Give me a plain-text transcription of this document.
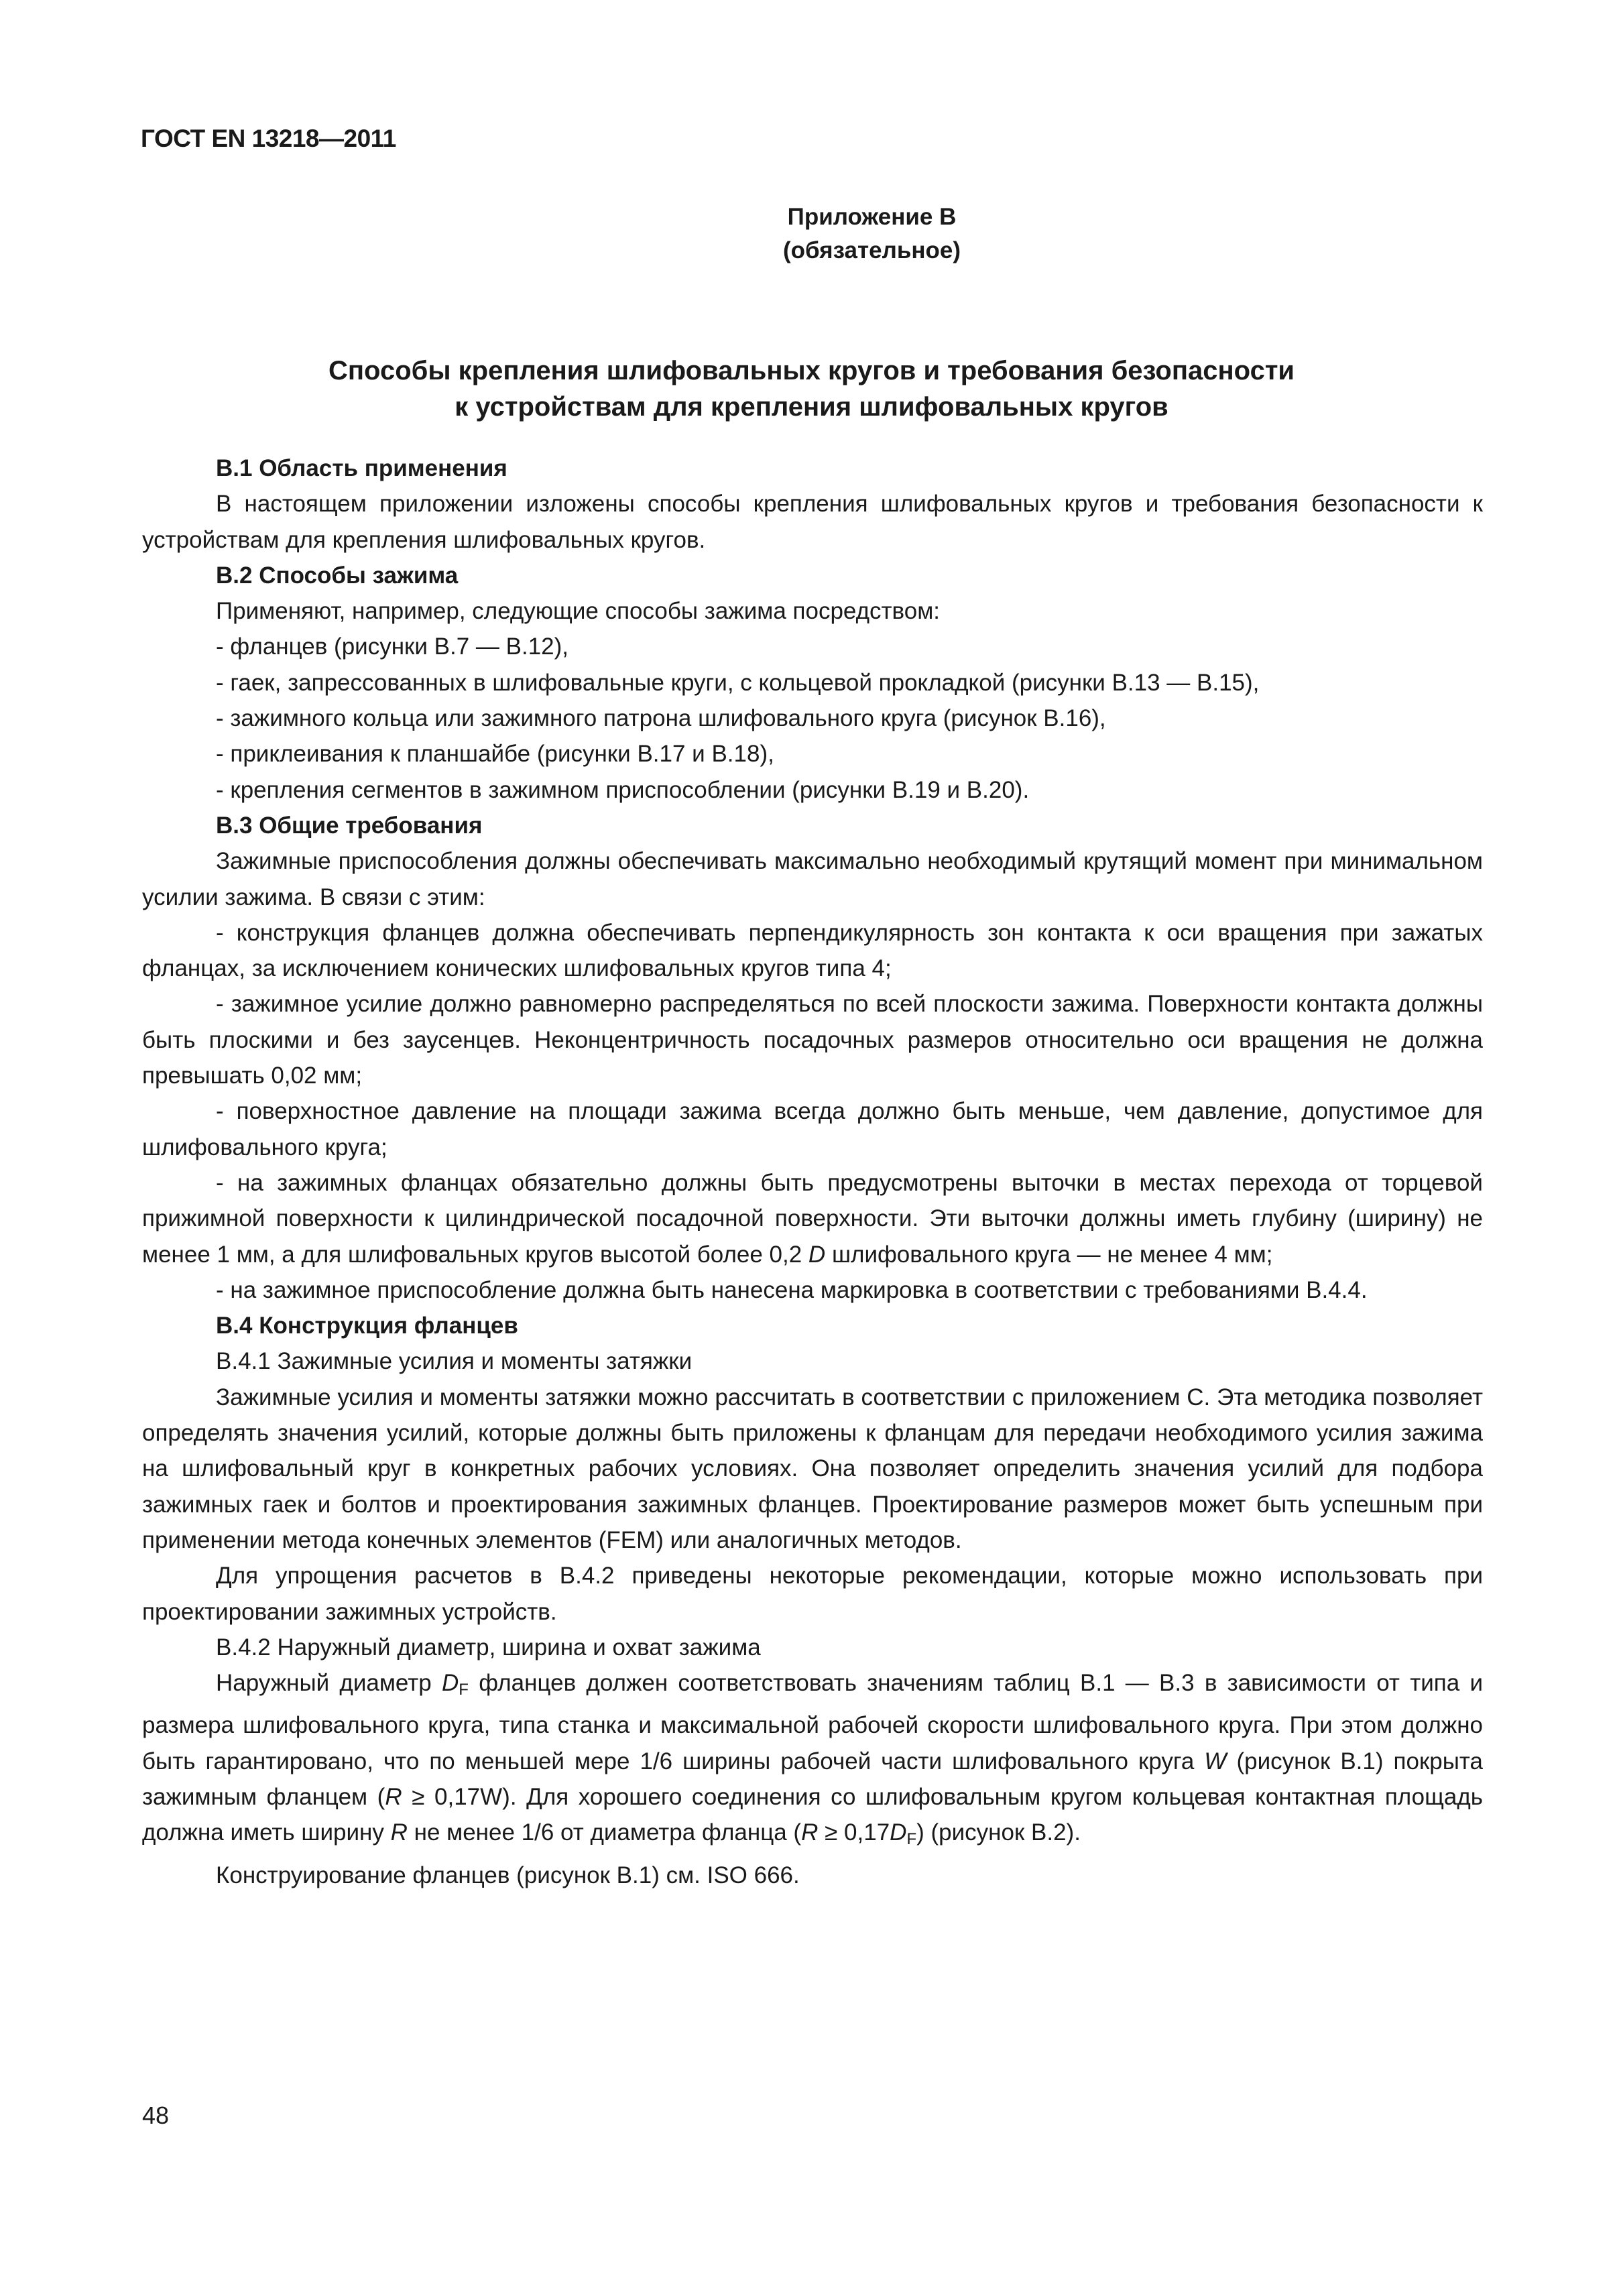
ГОСТ EN 13218—2011
Приложение В
(обязательное)
Способы крепления шлифовальных кругов и требования безопасности
к устройствам для крепления шлифовальных кругов

В.1 Область применения

В настоящем приложении изложены способы крепления шлифовальных кругов и требования безопасности к устройствам для крепления шлифовальных кругов.

В.2 Способы зажима

Применяют, например, следующие способы зажима посредством:

- фланцев (рисунки В.7 — В.12),

- гаек, запрессованных в шлифовальные круги, с кольцевой прокладкой (рисунки В.13 — В.15),

- зажимного кольца или зажимного патрона шлифовального круга (рисунок В.16),

- приклеивания к планшайбе (рисунки В.17 и В.18),

- крепления сегментов в зажимном приспособлении (рисунки В.19 и В.20).

В.3 Общие требования

Зажимные приспособления должны обеспечивать максимально необходимый крутящий момент при минимальном усилии зажима. В связи с этим:

- конструкция фланцев должна обеспечивать перпендикулярность зон контакта к оси вращения при зажатых фланцах, за исключением конических шлифовальных кругов типа 4;

- зажимное усилие должно равномерно распределяться по всей плоскости зажима. Поверхности контакта должны быть плоскими и без заусенцев. Неконцентричность посадочных размеров относительно оси вращения не должна превышать 0,02 мм;

- поверхностное давление на площади зажима всегда должно быть меньше, чем давление, допустимое для шлифовального круга;

- на зажимных фланцах обязательно должны быть предусмотрены выточки в местах перехода от торцевой прижимной поверхности к цилиндрической посадочной поверхности. Эти выточки должны иметь глубину (ширину) не менее 1 мм, а для шлифовальных кругов высотой более 0,2 D шлифовального круга — не менее 4 мм;

- на зажимное приспособление должна быть нанесена маркировка в соответствии с требованиями В.4.4.

В.4 Конструкция фланцев

В.4.1 Зажимные усилия и моменты затяжки

Зажимные усилия и моменты затяжки можно рассчитать в соответствии с приложением С. Эта методика позволяет определять значения усилий, которые должны быть приложены к фланцам для передачи необходимого усилия зажима на шлифовальный круг в конкретных рабочих условиях. Она позволяет определить значения усилий для подбора зажимных гаек и болтов и проектирования зажимных фланцев. Проектирование размеров может быть успешным при применении метода конечных элементов (FEM) или аналогичных методов.

Для упрощения расчетов в В.4.2 приведены некоторые рекомендации, которые можно использовать при проектировании зажимных устройств.

В.4.2 Наружный диаметр, ширина и охват зажима

Наружный диаметр $D_F$ фланцев должен соответствовать значениям таблиц В.1 — В.3 в зависимости от типа и размера шлифовального круга, типа станка и максимальной рабочей скорости шлифовального круга. При этом должно быть гарантировано, что по меньшей мере 1/6 ширины рабочей части шлифовального круга W (рисунок В.1) покрыта зажимным фланцем (R ≥ 0,17W). Для хорошего соединения со шлифовальным кругом кольцевая контактная площадь должна иметь ширину R не менее 1/6 от диаметра фланца $(R \ge 0,17D_F)$ (рисунок В.2).

Конструирование фланцев (рисунок В.1) см. ISO 666.

48
